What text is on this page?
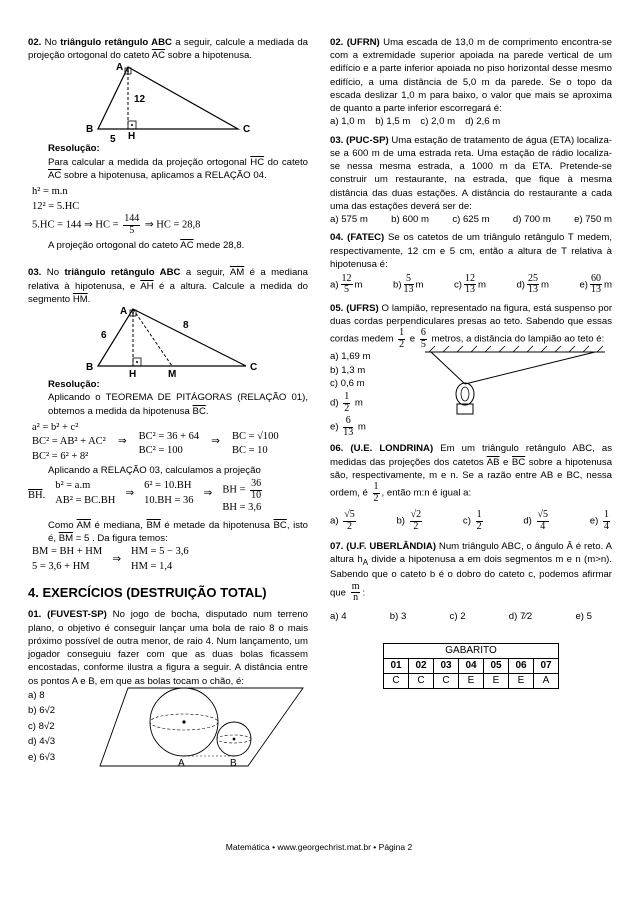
02. No triângulo retângulo ABC a seguir, calcule a mediada da projeção ortogonal do cateto $\overline{AC}$ sobre a hipotenusa.

A
B	C
H
12
5

Resolução:

Para calcular a medida da projeção ortogonal $\overline{HC}$ do cateto $\overline{AC}$ sobre a hipotenusa, aplicamos a RELAÇÃO 04.

h² = m.n

12² = 5.HC

5.HC = 144 ⇒ HC = $\frac{144}{5}$ ⇒ HC = 28,8

A projeção ortogonal do cateto $\overline{AC}$ mede 28,8.

03. No triângulo retângulo ABC a seguir, $\overline{AM}$ é a mediana relativa à hipotenusa, e $\overline{AH}$ é a altura. Calcule a medida do segmento $\overline{HM}$.

A
B	C
H	M
6
8

Resolução:

Aplicando o TEOREMA DE PITÁGORAS (RELAÇÃO 01), obtemos a medida da hipotenusa $\overline{BC}$.

a² = b² + c²

BC² = AB² + AC²

BC² = 6² + 8²

⇒ BC² = 36 + 64

BC² = 100

⇒ BC = √100

BC = 10

Aplicando a RELAÇÃO 03, calculamos a projeção

$\overline{BH}$.

b² = a.m

AB² = BC.BH

⇒

6² = 10.BH

10.BH = 36

⇒ BH = $\frac{36}{10}$

BH = 3,6

Como $\overline{AM}$ é mediana, $\overline{BM}$ é metade da hipotenusa $\overline{BC}$, isto é, $\overline{BM} = 5$ . Da figura temos:

BM = BH + HM

5 = 3,6 + HM

⇒

HM = 5 − 3,6

HM = 1,4

4. EXERCÍCIOS (DESTRUIÇÃO TOTAL)

01. (FUVEST-SP) No jogo de bocha, disputado num terreno plano, o objetivo é conseguir lançar uma bola de raio 8 o mais próximo possível de outra menor, de raio 4. Num lançamento, um jogador conseguiu fazer com que as duas bolas ficassem encostadas, conforme ilustra a figura a seguir. A distância entre os pontos A e B, em que as bolas tocam o chão, é:

a) 8

b) 6√2

c) 8√2

d) 4√3

e) 6√3

A	B

02. (UFRN) Uma escada de 13,0 m de comprimento encontra-se com a extremidade superior apoiada na parede vertical de um edifício e a parte inferior apoiada no piso horizontal desse mesmo edifício, a uma distância de 5,0 m da parede. Se o topo da escada deslizar 1,0 m para baixo, o valor que mais se aproxima de quanto a parte inferior escorregará é:

a) 1,0 m b) 1,5 m c) 2,0 m d) 2,6 m

03. (PUC-SP) Uma estação de tratamento de água (ETA) localiza-se a 600 m de uma estrada reta. Uma estação de rádio localiza-se nessa mesma estrada, a 1000 m da ETA. Pretende-se construir um restaurante, na estrada, que fique à mesma distância das duas estações. A distância do restaurante a cada uma das estações deverá ser de:

a) 575 m b) 600 m c) 625 m d) 700 m e) 750 m

04. (FATEC) Se os catetos de um triângulo retângulo T medem, respectivamente, 12 cm e 5 cm, então a altura de T relativa à hipotenusa é:

$a) \frac{12}{5}$ m	$b) \frac{5}{13}$ m	$c) \frac{12}{13}$ m	$d) \frac{25}{13}$ m	$e) \frac{60}{13}$ m

05. (UFRS) O lampião, representado na figura, está suspenso por duas cordas perpendiculares presas ao teto. Sabendo que essas cordas medem $\frac{1}{2}$ e $\frac{6}{5}$ metros, a distância do lampião ao teto é:

a) 1,69 m

b) 1,3 m

c) 0,6 m

$d) \frac{1}{2}$ m

$e) \frac{6}{13}$ m

06. (U.E. LONDRINA) Em um triângulo retângulo ABC, as medidas das projeções dos catetos $\overline{AB}$ e $\overline{BC}$ sobre a hipotenusa são, respectivamente, m e n. Se a razão entre AB e BC, nessa ordem, é $\frac{1}{2}$ , então m:n é igual a:

$a) \frac{√5}{2}$	$b) \frac{√2}{2}$	$c) \frac{1}{2}$	$d) \frac{√5}{4}$	$e) \frac{1}{4}$

07. (U.F. UBERLÂNDIA) Num triângulo ABC, o ângulo Â é reto. A altura $h_A$ divide a hipotenusa a em dois segmentos m e n (m>n). Sabendo que o cateto b é o dobro do cateto c, podemos afirmar que $\frac{m}{n}$ :

a) 4	b) 3	c) 2	d) 7⁄2	e) 5
GABARITO						
01	02	03	04	05	06	07
C	C	C	E	E	E	A
Matemática • www.georgechrist.mat.br • Página 2
